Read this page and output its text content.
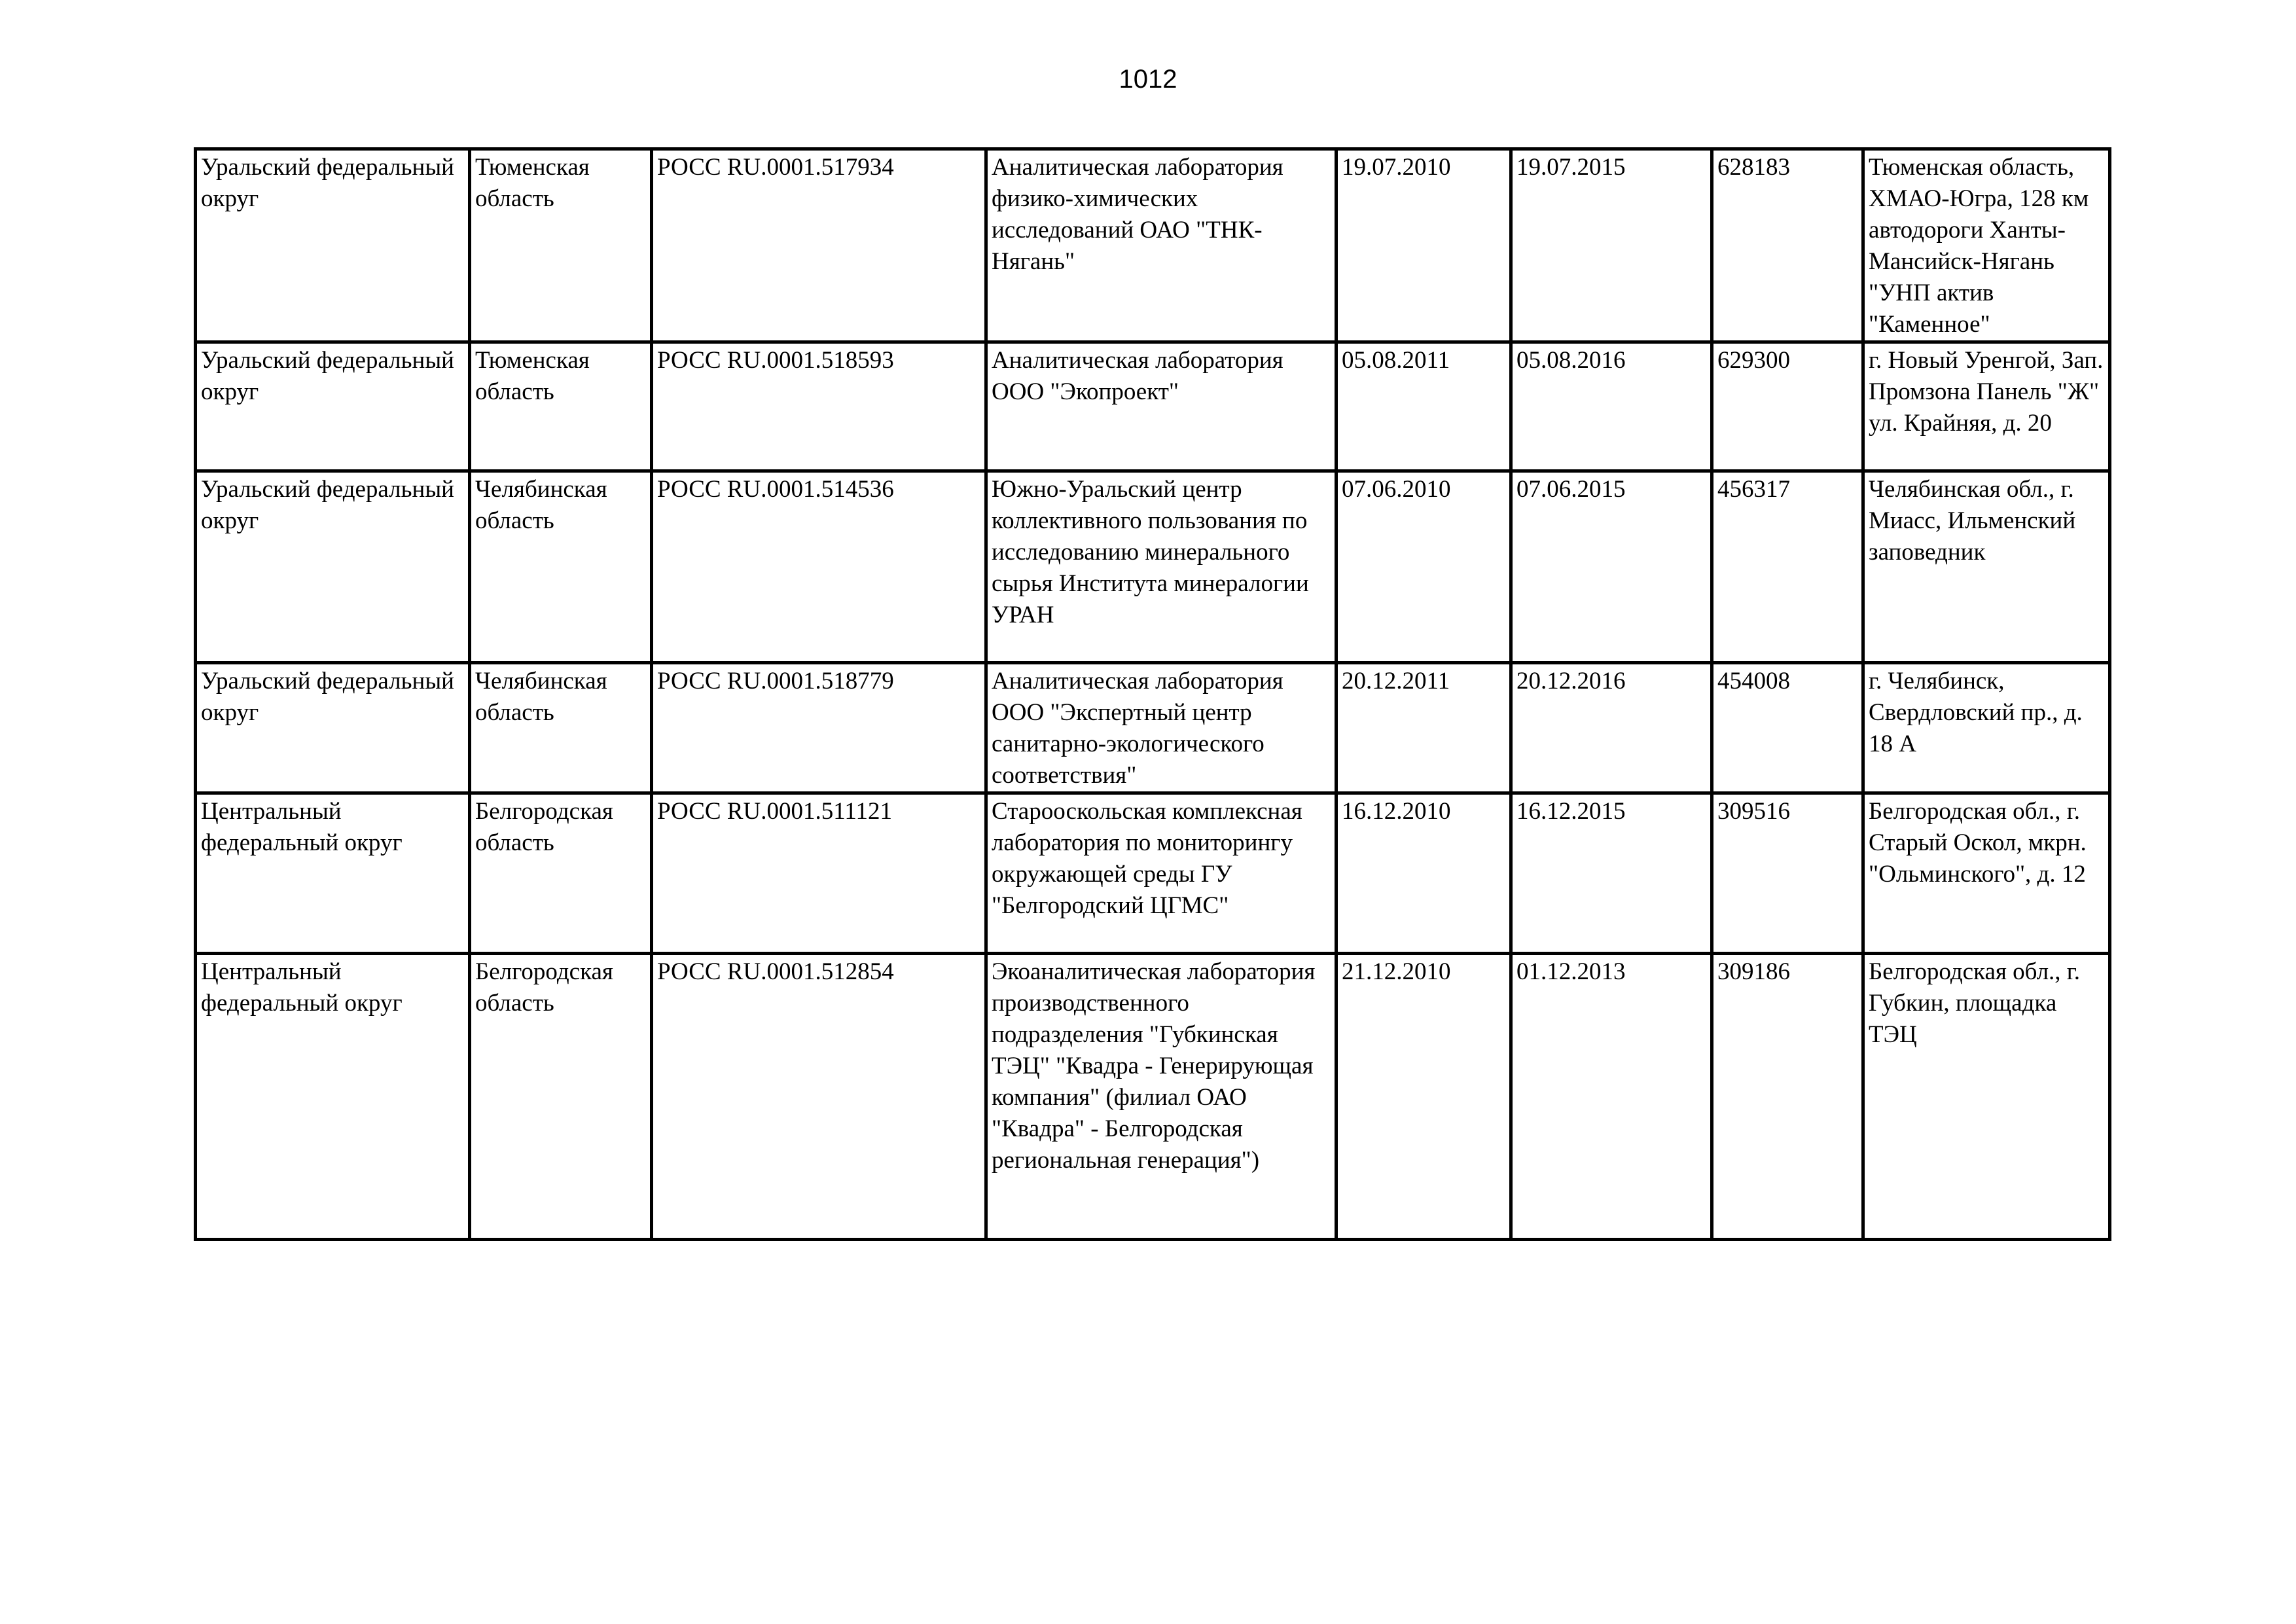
1012
Уральский федеральный округ	Тюменская область	РОСС RU.0001.517934	Аналитическая лаборатория физико-химических исследований ОАО "ТНК-Нягань"	19.07.2010	19.07.2015	628183	Тюменская область, ХМАО-Югра, 128 км автодороги Ханты-Мансийск-Нягань "УНП актив "Каменное"
Уральский федеральный округ	Тюменская область	РОСС RU.0001.518593	Аналитическая лаборатория ООО "Экопроект"	05.08.2011	05.08.2016	629300	г. Новый Уренгой, Зап. Промзона Панель "Ж" ул. Крайняя, д. 20
Уральский федеральный округ	Челябинская область	РОСС RU.0001.514536	Южно-Уральский центр коллективного пользования по исследованию минерального сырья Института минералогии УРАН	07.06.2010	07.06.2015	456317	Челябинская обл., г. Миасс, Ильменский заповедник
Уральский федеральный округ	Челябинская область	РОСС RU.0001.518779	Аналитическая лаборатория ООО "Экспертный центр санитарно-экологического соответствия"	20.12.2011	20.12.2016	454008	г. Челябинск, Свердловский пр., д. 18 А
Центральный федеральный округ	Белгородская область	РОСС RU.0001.511121	Старооскольская комплексная лаборатория по мониторингу окружающей среды ГУ "Белгородский ЦГМС"	16.12.2010	16.12.2015	309516	Белгородская обл., г. Старый Оскол, мкрн. "Ольминского", д. 12
Центральный федеральный округ	Белгородская область	РОСС RU.0001.512854	Экоаналитическая лаборатория производственного подразделения "Губкинская ТЭЦ" "Квадра - Генерирующая компания" (филиал ОАО "Квадра" - Белгородская региональная генерация")	21.12.2010	01.12.2013	309186	Белгородская обл., г. Губкин, площадка ТЭЦ
